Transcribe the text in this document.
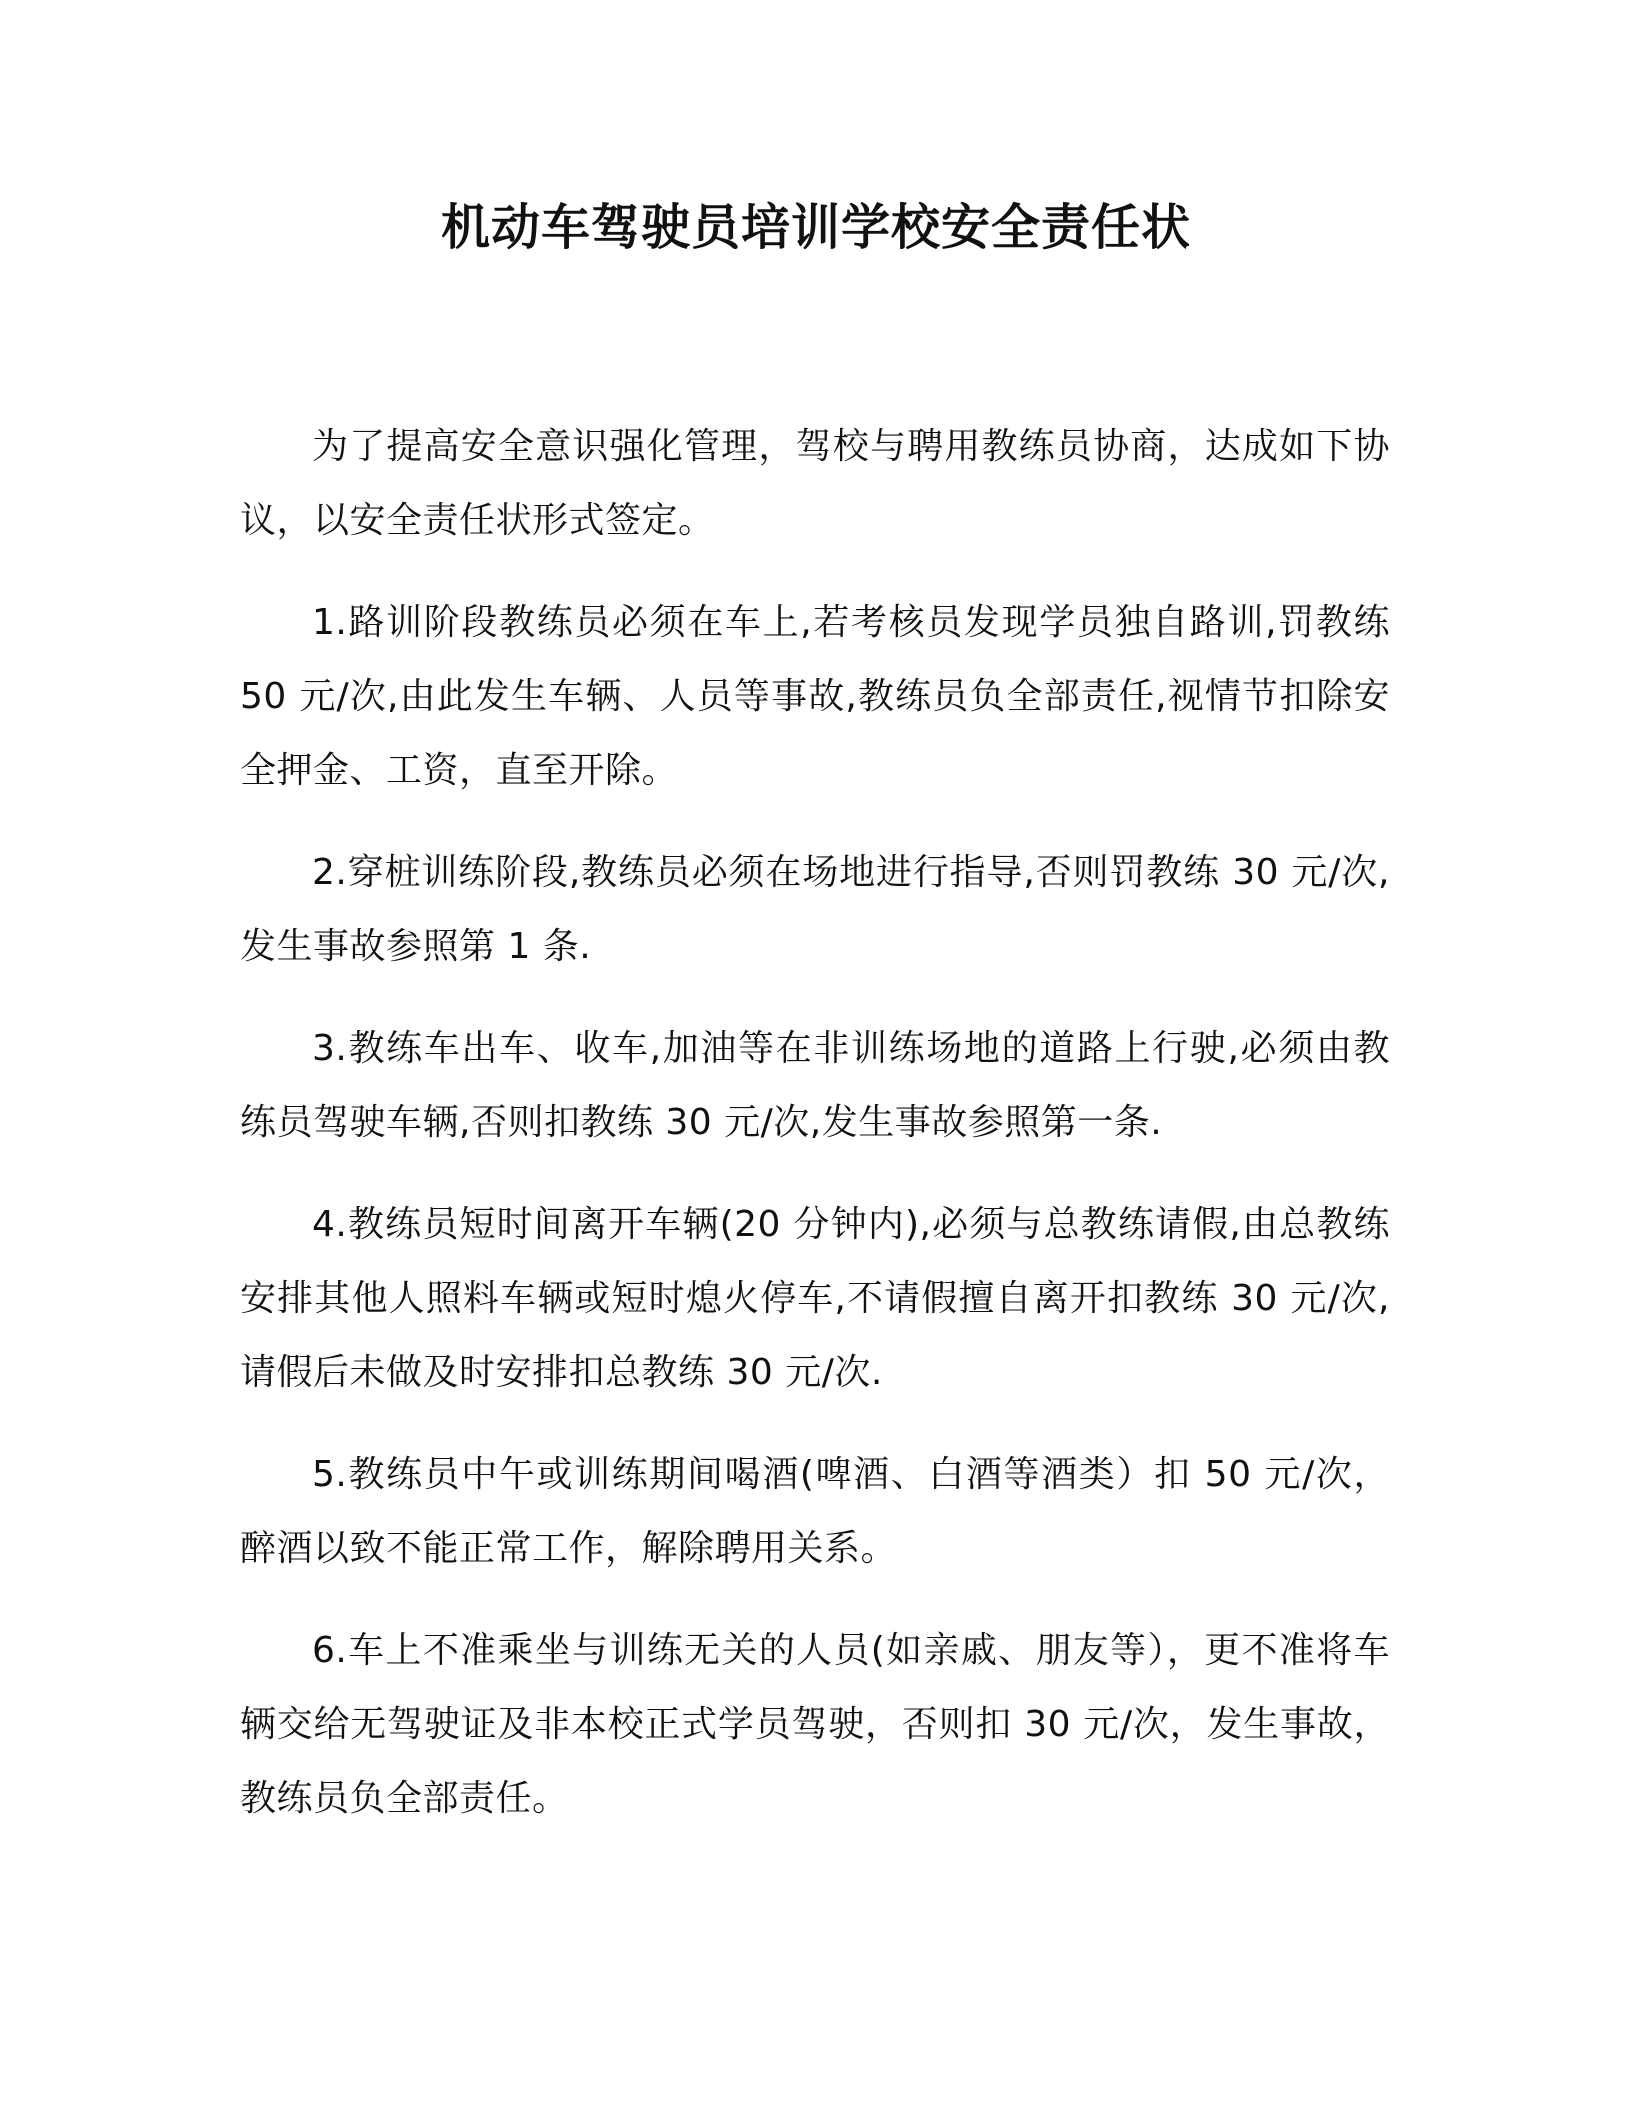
机动车驾驶员培训学校安全责任状

为了提高安全意识强化管理，驾校与聘用教练员协商，达成如下协议，以安全责任状形式签定。

1.路训阶段教练员必须在车上,若考核员发现学员独自路训,罚教练 50 元/次,由此发生车辆、人员等事故,教练员负全部责任,视情节扣除安全押金、工资，直至开除。

2.穿桩训练阶段,教练员必须在场地进行指导,否则罚教练 30 元/次,发生事故参照第 1 条.

3.教练车出车、收车,加油等在非训练场地的道路上行驶,必须由教练员驾驶车辆,否则扣教练 30 元/次,发生事故参照第一条.

4.教练员短时间离开车辆(20 分钟内),必须与总教练请假,由总教练安排其他人照料车辆或短时熄火停车,不请假擅自离开扣教练 30 元/次,请假后未做及时安排扣总教练 30 元/次.

5.教练员中午或训练期间喝酒(啤酒、白酒等酒类）扣 50 元/次，醉酒以致不能正常工作，解除聘用关系。

6.车上不准乘坐与训练无关的人员(如亲戚、朋友等），更不准将车辆交给无驾驶证及非本校正式学员驾驶，否则扣 30 元/次，发生事故，教练员负全部责任。
